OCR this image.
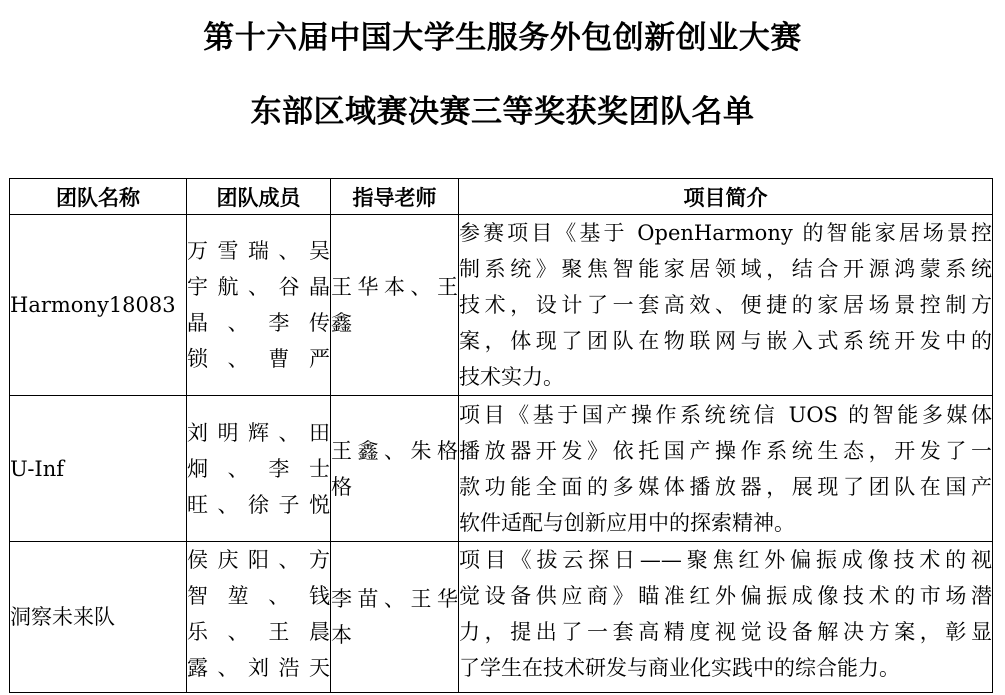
第十六届中国大学生服务外包创新创业大赛
东部区域赛决赛三等奖获奖团队名单
团队名称	团队成员	指导老师	项目简介
Harmony18083	万雪瑞、吴
宇航、谷晶
晶、李传
锁、曹严	王华本、王
鑫	参赛项目《基于 OpenHarmony 的智能家居场景控
制系统》聚焦智能家居领域，结合开源鸿蒙系统
技术，设计了一套高效、便捷的家居场景控制方
案，体现了团队在物联网与嵌入式系统开发中的
技术实力。

U-Inf	刘明辉、田
炯、李士
旺、徐子悦	王鑫、朱格
格	项目《基于国产操作系统统信 UOS 的智能多媒体
播放器开发》依托国产操作系统生态，开发了一
款功能全面的多媒体播放器，展现了团队在国产
软件适配与创新应用中的探索精神。

洞察未来队	侯庆阳、方
智堃、钱
乐、王晨
露、刘浩天	李苗、王华
本	项目《拔云探日——聚焦红外偏振成像技术的视
觉设备供应商》瞄准红外偏振成像技术的市场潜
力，提出了一套高精度视觉设备解决方案，彰显
了学生在技术研发与商业化实践中的综合能力。
